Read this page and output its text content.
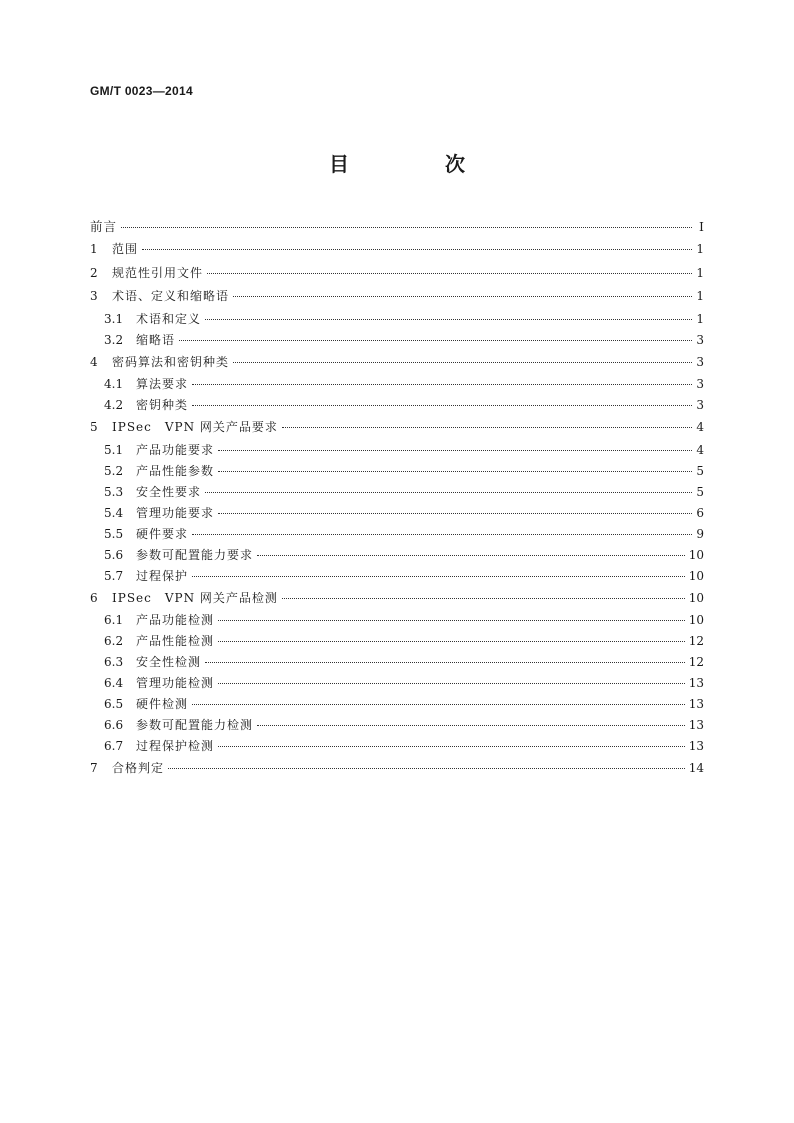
GM/T 0023—2014
目　次
前言	Ⅰ
1	范围	1
2	规范性引用文件	1
3	术语、定义和缩略语	1
3.1	术语和定义	1
3.2	缩略语	3
4	密码算法和密钥种类	3
4.1	算法要求	3
4.2	密钥种类	3
5	IPSec　VPN 网关产品要求	4
5.1	产品功能要求	4
5.2	产品性能参数	5
5.3	安全性要求	5
5.4	管理功能要求	6
5.5	硬件要求	9
5.6	参数可配置能力要求	10
5.7	过程保护	10
6	IPSec　VPN 网关产品检测	10
6.1	产品功能检测	10
6.2	产品性能检测	12
6.3	安全性检测	12
6.4	管理功能检测	13
6.5	硬件检测	13
6.6	参数可配置能力检测	13
6.7	过程保护检测	13
7	合格判定	14
